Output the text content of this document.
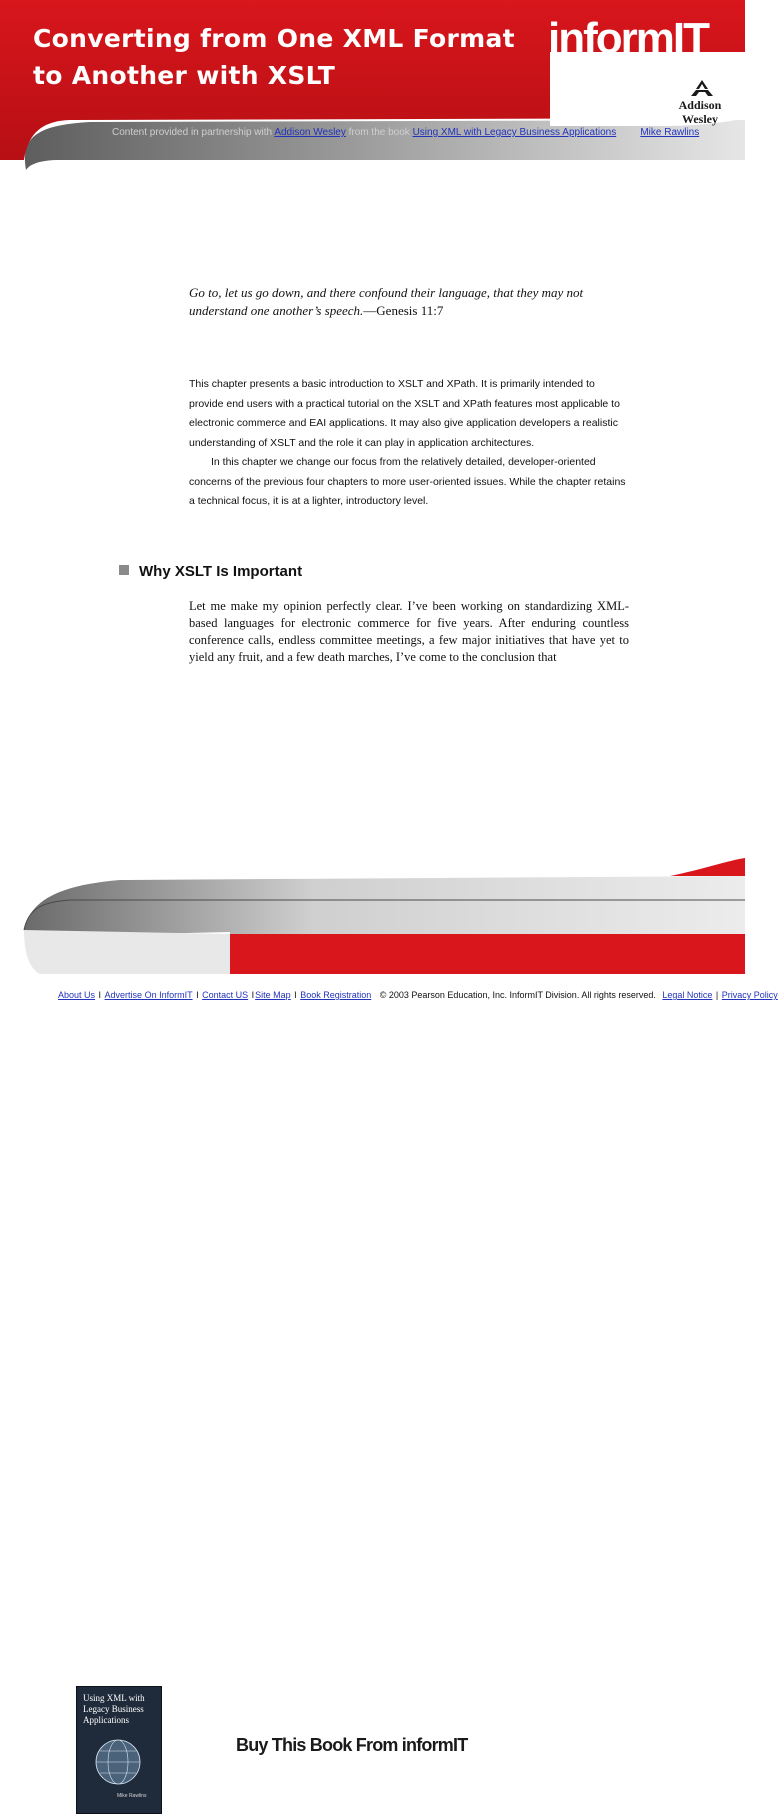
Converting from One XML Format
to Another with XSLT
informIT
Addison
Wesley
Content provided in partnership with Addison Wesley from the book Using XML with Legacy Business Applications by Mike Rawlins
Go to, let us go down, and there confound their language, that they may not understand one another’s speech.—Genesis 11:7

This chapter presents a basic introduction to XSLT and XPath. It is primarily intended to provide end users with a practical tutorial on the XSLT and XPath features most applicable to electronic commerce and EAI applications. It may also give application developers a realistic understanding of XSLT and the role it can play in application architectures.

In this chapter we change our focus from the relatively detailed, developer-oriented concerns of the previous four chapters to more user-oriented issues. While the chapter retains a technical focus, it is at a lighter, introductory level.

Why XSLT Is Important
Let me make my opinion perfectly clear. I’ve been working on standardizing XML-based languages for electronic commerce for five years. After enduring countless conference calls, endless committee meetings, a few major initiatives that have yet to yield any fruit, and a few death marches, I’ve come to the conclusion that
Using XML with Legacy Business Applications
Mike Rawlins
Buy This Book From informIT
Save 10% and get free shipping! Use coupon code XML-LEGACY.
About Us I Advertise On InformIT I Contact US ISite Map I Book Registration © 2003 Pearson Education, Inc. InformIT Division. All rights reserved. Legal Notice | Privacy Policy
